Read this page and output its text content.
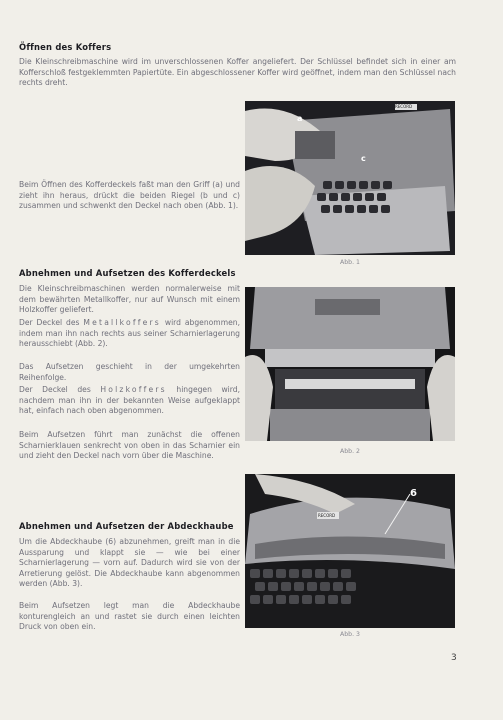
Öffnen des Koffers

Die Kleinschreibmaschine wird im unverschlossenen Koffer angeliefert. Der Schlüssel befindet sich in einer am Kofferschloß festgeklemmten Papiertüte. Ein abgeschlossener Koffer wird geöffnet, indem man den Schlüssel nach rechts dreht.

a
c
RECORD

Abb. 1

Beim Öffnen des Kofferdeckels faßt man den Griff (a) und zieht ihn heraus, drückt die beiden Riegel (b und c) zusammen und schwenkt den Deckel nach oben (Abb. 1).

Abnehmen und Aufsetzen des Kofferdeckels

Die Kleinschreibmaschinen werden normalerweise mit dem bewährten Metallkoffer, nur auf Wunsch mit einem Holzkoffer geliefert.

Der Deckel des Metallkoffers wird abgenommen, indem man ihn nach rechts aus seiner Scharnierlagerung herausschiebt (Abb. 2).

Das Aufsetzen geschieht in der umgekehrten Reihenfolge.

Der Deckel des Holzkoffers hingegen wird, nachdem man ihn in der bekannten Weise aufgeklappt hat, einfach nach oben abgenommen.

Beim Aufsetzen führt man zunächst die offenen Scharnierklauen senkrecht von oben in das Scharnier ein und zieht den Deckel nach vorn über die Maschine.	Abb. 2

Abnehmen und Aufsetzen der Abdeckhaube

Um die Abdeckhaube (6) abzunehmen, greift man in die Aussparung und klappt sie — wie bei einer Scharnierlagerung — vorn auf. Dadurch wird sie von der Arretierung gelöst. Die Abdeckhaube kann abgenommen werden (Abb. 3).

Beim Aufsetzen legt man die Abdeckhaube konturengleich an und rastet sie durch einen leichten Druck von oben ein.

6
RECORD

Abb. 3

3
